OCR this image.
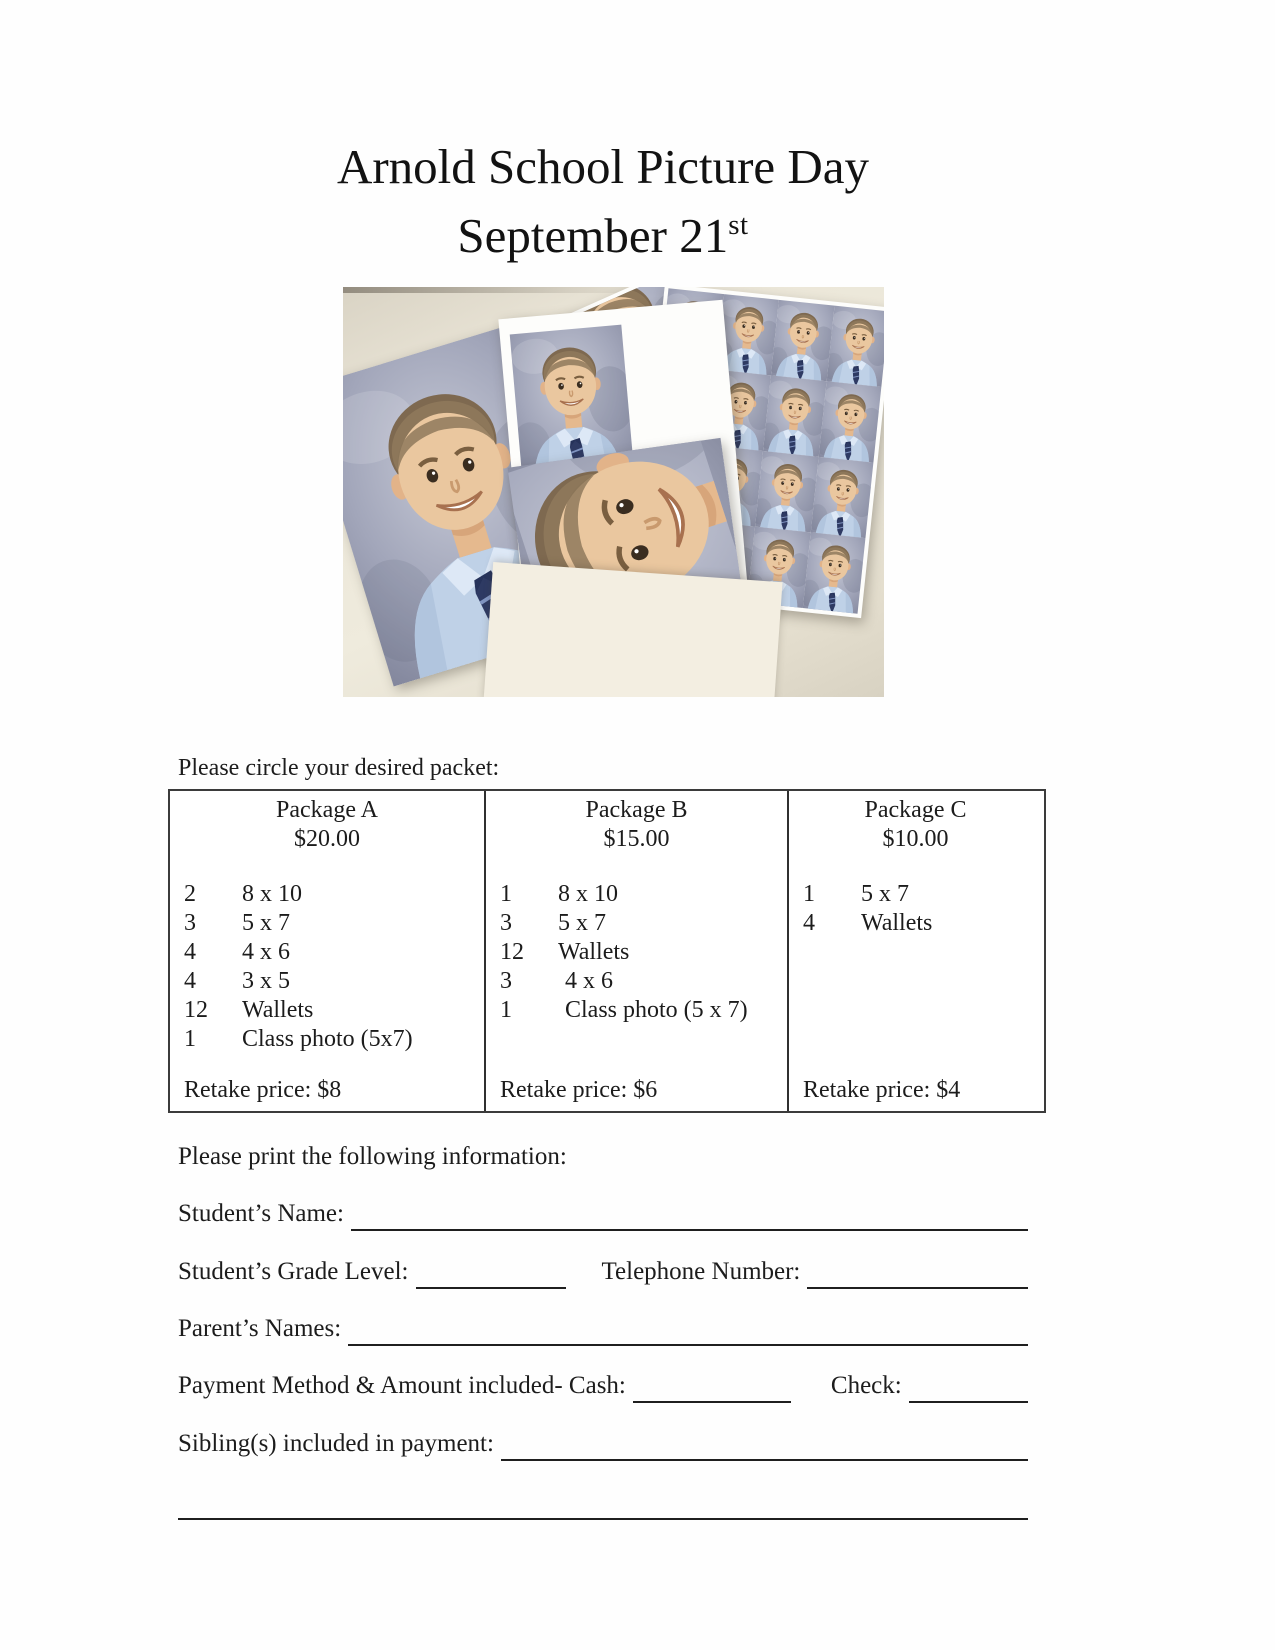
Arnold School Picture Day
September 21st
Please circle your desired packet:
Package A
$20.00
2	8 x 10
3	5 x 7
4	4 x 6
4	3 x 5
12	Wallets
1	Class photo (5x7)
Retake price: $8
Package B
$15.00
1	8 x 10
3	5 x 7
12	Wallets
3	4 x 6
1	Class photo (5 x 7)
Retake price: $6
Package C
$10.00
1	5 x 7
4	Wallets
Retake price: $4
Please print the following information:
Student’s Name:
Student’s Grade Level:	Telephone Number:
Parent’s Names:
Payment Method & Amount included- Cash:	Check:
Sibling(s) included in payment:
